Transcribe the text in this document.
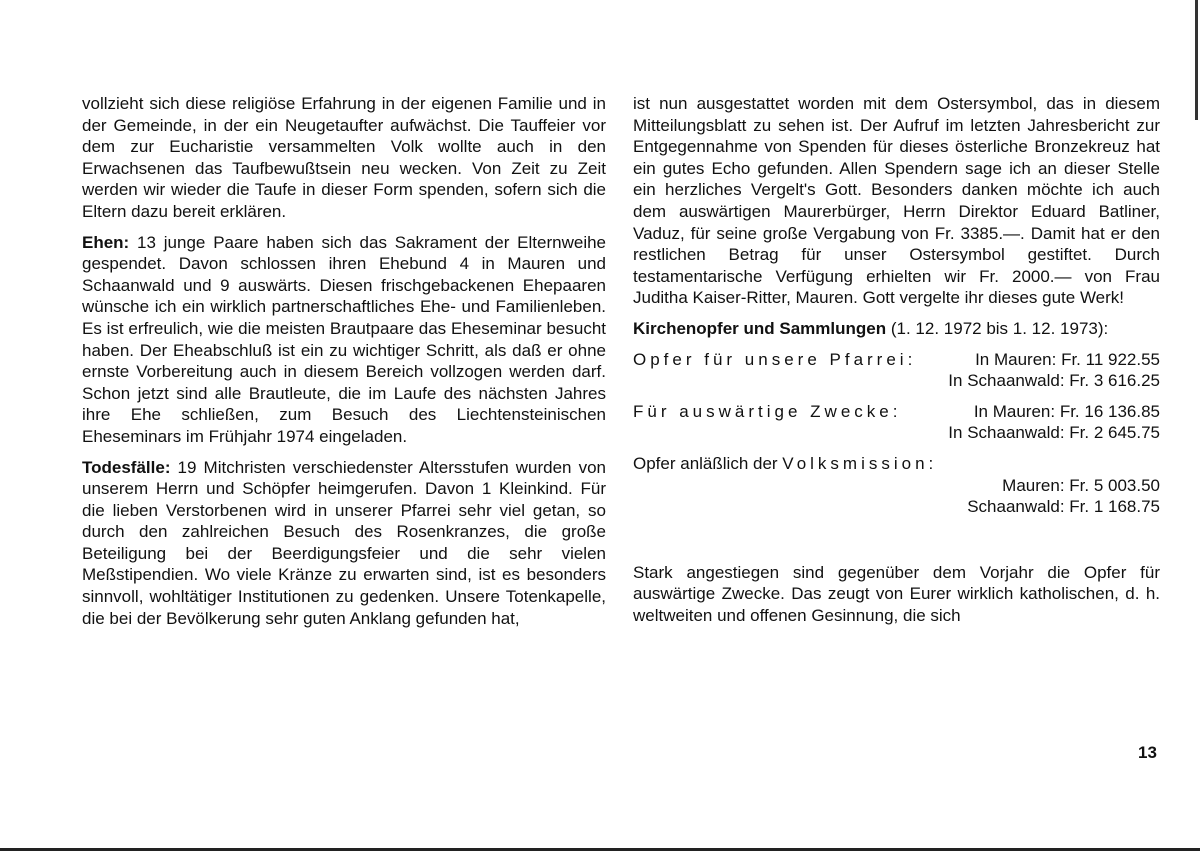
vollzieht sich diese religiöse Erfahrung in der eigenen Familie und in der Gemeinde, in der ein Neugetaufter aufwächst. Die Tauffeier vor dem zur Eucharistie versammelten Volk wollte auch in den Erwachsenen das Taufbewußtsein neu wecken. Von Zeit zu Zeit werden wir wieder die Taufe in dieser Form spenden, sofern sich die Eltern dazu bereit erklären.

Ehen: 13 junge Paare haben sich das Sakrament der Elternweihe gespendet. Davon schlossen ihren Ehebund 4 in Mauren und Schaanwald und 9 auswärts. Diesen frischgebackenen Ehepaaren wünsche ich ein wirklich partnerschaftliches Ehe- und Familienleben. Es ist erfreulich, wie die meisten Brautpaare das Eheseminar besucht haben. Der Eheabschluß ist ein zu wichtiger Schritt, als daß er ohne ernste Vorbereitung auch in diesem Bereich vollzogen werden darf. Schon jetzt sind alle Brautleute, die im Laufe des nächsten Jahres ihre Ehe schließen, zum Besuch des Liechtensteinischen Eheseminars im Frühjahr 1974 eingeladen.

Todesfälle: 19 Mitchristen verschiedenster Altersstufen wurden von unserem Herrn und Schöpfer heimgerufen. Davon 1 Kleinkind. Für die lieben Verstorbenen wird in unserer Pfarrei sehr viel getan, so durch den zahlreichen Besuch des Rosenkranzes, die große Beteiligung bei der Beerdigungsfeier und die sehr vielen Meßstipendien. Wo viele Kränze zu erwarten sind, ist es besonders sinnvoll, wohltätiger Institutionen zu gedenken. Unsere Totenkapelle, die bei der Bevölkerung sehr guten Anklang gefunden hat,

ist nun ausgestattet worden mit dem Ostersymbol, das in diesem Mitteilungsblatt zu sehen ist. Der Aufruf im letzten Jahresbericht zur Entgegennahme von Spenden für dieses österliche Bronzekreuz hat ein gutes Echo gefunden. Allen Spendern sage ich an dieser Stelle ein herzliches Vergelt's Gott. Besonders danken möchte ich auch dem auswärtigen Maurerbürger, Herrn Direktor Eduard Batliner, Vaduz, für seine große Vergabung von Fr. 3385.—. Damit hat er den restlichen Betrag für unser Ostersymbol gestiftet. Durch testamentarische Verfügung erhielten wir Fr. 2000.— von Frau Juditha Kaiser-Ritter, Mauren. Gott vergelte ihr dieses gute Werk!

Kirchenopfer und Sammlungen (1. 12. 1972 bis 1. 12. 1973):

Opfer für unsere Pfarrei:	In Mauren: Fr. 11 922.55
In Schaanwald: Fr. 3 616.25
Für auswärtige Zwecke:	In Mauren: Fr. 16 136.85
In Schaanwald: Fr. 2 645.75
Opfer anläßlich der Volksmission:
Mauren: Fr. 5 003.50
Schaanwald: Fr. 1 168.75

Stark angestiegen sind gegenüber dem Vorjahr die Opfer für auswärtige Zwecke. Das zeugt von Eurer wirklich katholischen, d. h. weltweiten und offenen Gesinnung, die sich

13
